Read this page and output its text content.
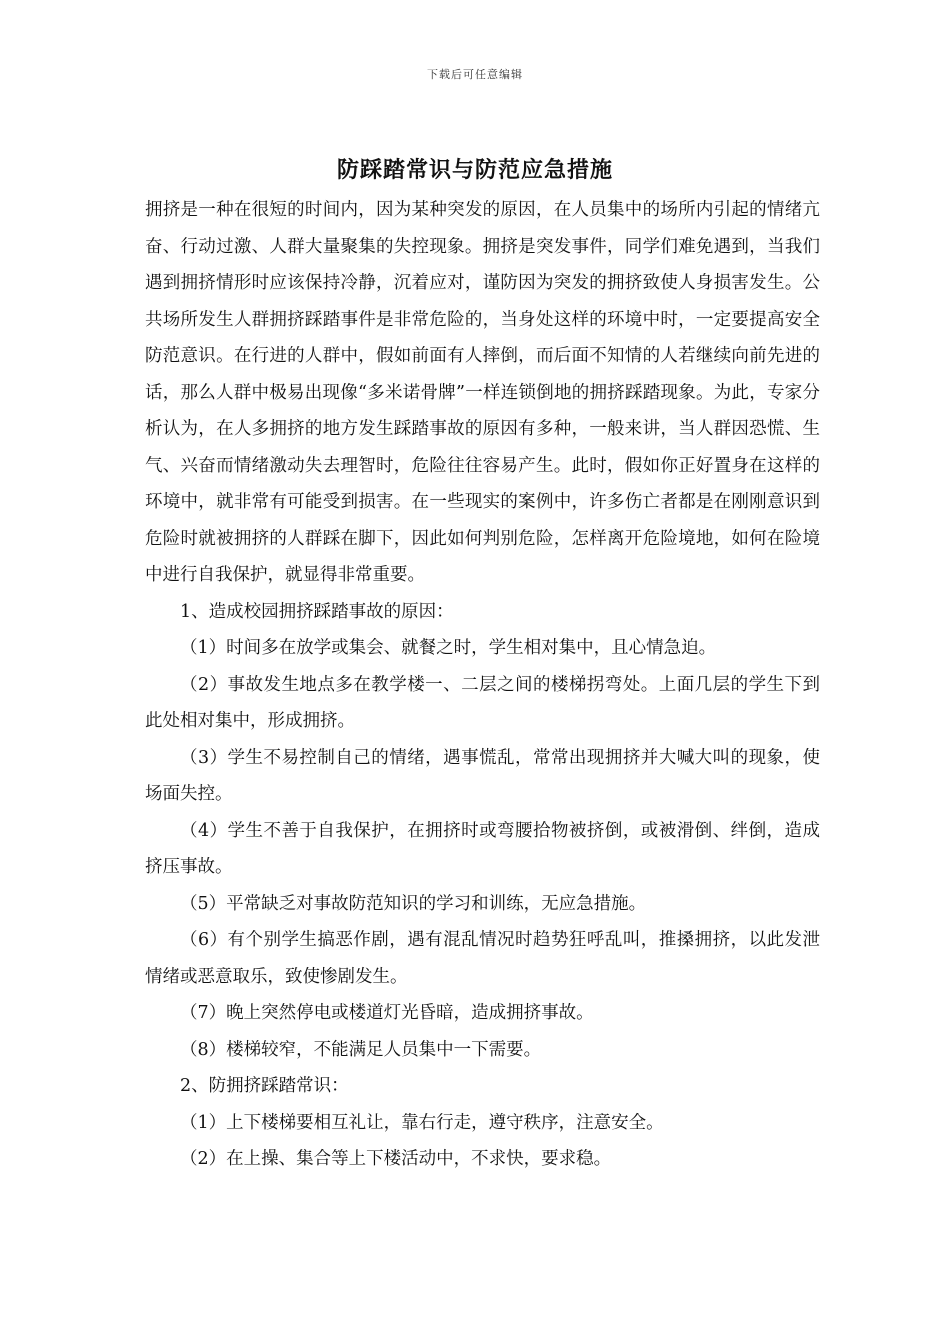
下载后可任意编辑
防踩踏常识与防范应急措施

拥挤是一种在很短的时间内，因为某种突发的原因，在人员集中的场所内引起的情绪亢奋、行动过激、人群大量聚集的失控现象。拥挤是突发事件，同学们难免遇到，当我们遇到拥挤情形时应该保持冷静，沉着应对，谨防因为突发的拥挤致使人身损害发生。公共场所发生人群拥挤踩踏事件是非常危险的，当身处这样的环境中时，一定要提高安全防范意识。在行进的人群中，假如前面有人摔倒，而后面不知情的人若继续向前先进的话，那么人群中极易出现像“多米诺骨牌”一样连锁倒地的拥挤踩踏现象。为此，专家分析认为，在人多拥挤的地方发生踩踏事故的原因有多种，一般来讲，当人群因恐慌、生气、兴奋而情绪激动失去理智时，危险往往容易产生。此时，假如你正好置身在这样的环境中，就非常有可能受到损害。在一些现实的案例中，许多伤亡者都是在刚刚意识到危险时就被拥挤的人群踩在脚下，因此如何判别危险，怎样离开危险境地，如何在险境中进行自我保护，就显得非常重要。

1、造成校园拥挤踩踏事故的原因：

（1）时间多在放学或集会、就餐之时，学生相对集中，且心情急迫。

（2）事故发生地点多在教学楼一、二层之间的楼梯拐弯处。上面几层的学生下到此处相对集中，形成拥挤。

（3）学生不易控制自己的情绪，遇事慌乱，常常出现拥挤并大喊大叫的现象，使场面失控。

（4）学生不善于自我保护，在拥挤时或弯腰拾物被挤倒，或被滑倒、绊倒，造成挤压事故。

（5）平常缺乏对事故防范知识的学习和训练，无应急措施。

（6）有个别学生搞恶作剧，遇有混乱情况时趋势狂呼乱叫，推搡拥挤，以此发泄情绪或恶意取乐，致使惨剧发生。

（7）晚上突然停电或楼道灯光昏暗，造成拥挤事故。

（8）楼梯较窄，不能满足人员集中一下需要。

2、防拥挤踩踏常识：

（1）上下楼梯要相互礼让，靠右行走，遵守秩序，注意安全。

（2）在上操、集合等上下楼活动中，不求快，要求稳。
